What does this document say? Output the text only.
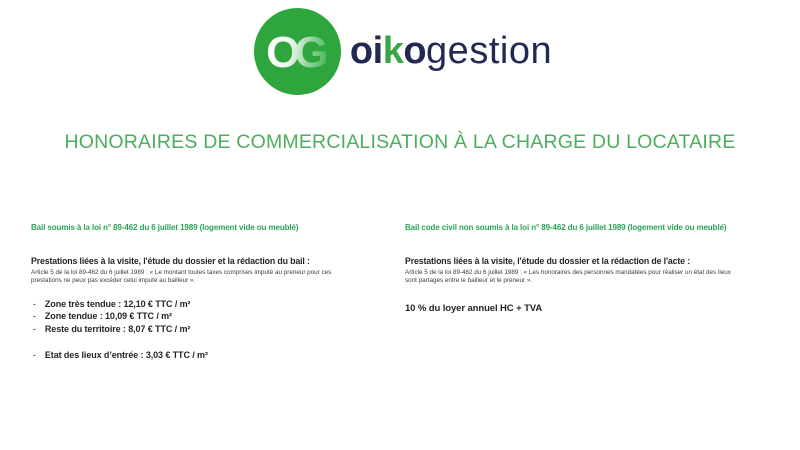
OG oikogestion
HONORAIRES DE COMMERCIALISATION À LA CHARGE DU LOCATAIRE
Bail soumis à la loi n° 89-462 du 6 juillet 1989 (logement vide ou meublé)
Prestations liées à la visite, l'étude du dossier et la rédaction du bail :
Article 5 de la loi 89-462 du 6 juillet 1989 : « Le montant toutes taxes comprises imputé au preneur pour ces prestations ne peux pas excéder celui imputé au bailleur ».
- Zone très tendue : 12,10 € TTC / m²
- Zone tendue : 10,09 € TTC / m²
- Reste du territoire : 8,07 € TTC / m²
- Etat des lieux d’entrée : 3,03 € TTC / m²
Bail code civil non soumis à la loi n° 89-462 du 6 juillet 1989 (logement vide ou meublé)
Prestations liées à la visite, l'étude du dossier et la rédaction de l'acte :
Article 5 de la loi 89-462 du 6 juillet 1989 : « Les honoraires des personnes mandatées pour réaliser un état des lieux sont partagés entre le bailleur et le preneur ».
10 % du loyer annuel HC + TVA
